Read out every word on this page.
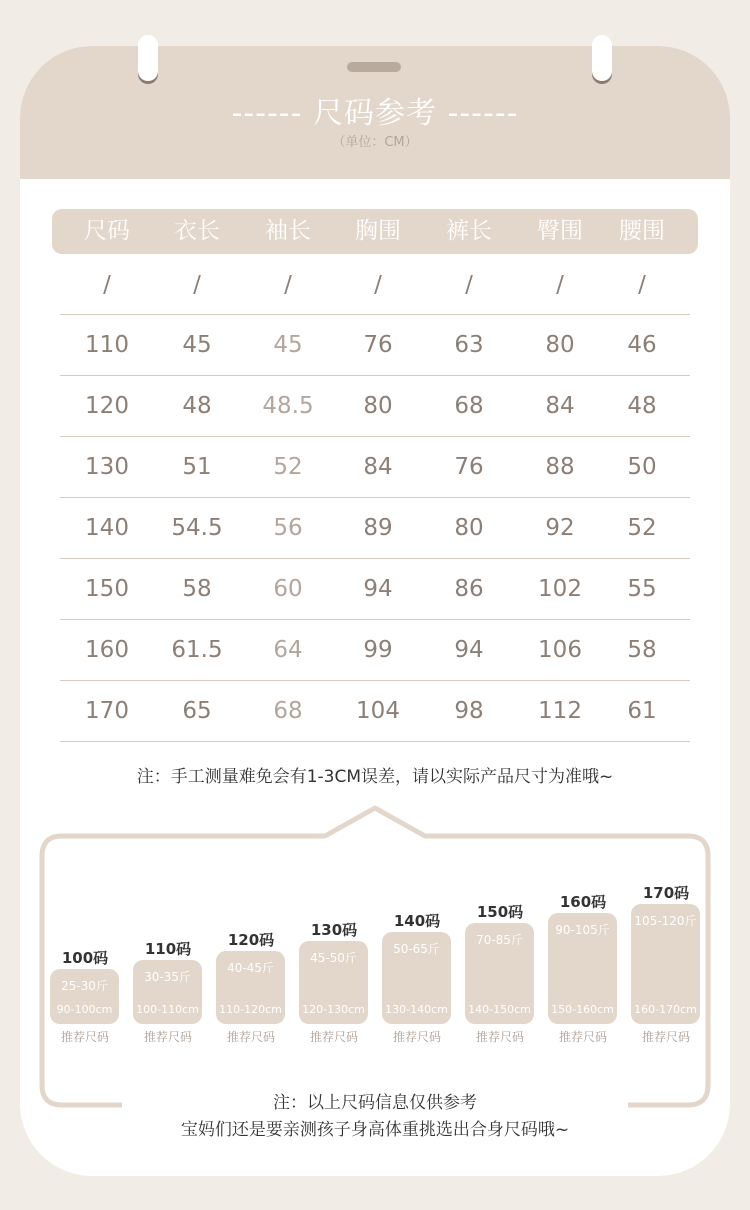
------ 尺码参考 ------
（单位：CM）
尺码	衣长	袖长	胸围	裤长	臀围	腰围
/	/	/	/	/	/	/
110	45	45	76	63	80	46
120	48	48.5	80	68	84	48
130	51	52	84	76	88	50
140	54.5	56	89	80	92	52
150	58	60	94	86	102	55
160	61.5	64	99	94	106	58
170	65	68	104	98	112	61
注：手工测量难免会有1-3CM误差，请以实际产品尺寸为准哦~
100码
25-30斤
90-100cm
推荐尺码
110码
30-35斤
100-110cm
推荐尺码
120码
40-45斤
110-120cm
推荐尺码
130码
45-50斤
120-130cm
推荐尺码
140码
50-65斤
130-140cm
推荐尺码
150码
70-85斤
140-150cm
推荐尺码
160码
90-105斤
150-160cm
推荐尺码
170码
105-120斤
160-170cm
推荐尺码
注：以上尺码信息仅供参考
宝妈们还是要亲测孩子身高体重挑选出合身尺码哦~
